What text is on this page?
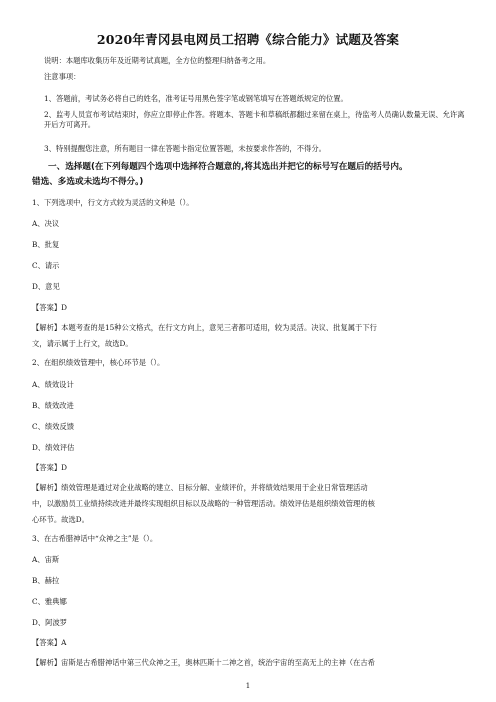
2020年青冈县电网员工招聘《综合能力》试题及答案
说明：本题库收集历年及近期考试真题，全方位的整理归纳备考之用。
注意事项：
1、答题前，考试务必将自己的姓名，准考证号用黑色签字笔或钢笔填写在答题纸规定的位置。
2、监考人员宣布考试结束时，你应立即停止作答。将题本、答题卡和草稿纸都翻过来留在桌上，待监考人员确认数量无误、允许离开后方可离开。
3、特别提醒您注意，所有题目一律在答题卡指定位置答题，未按要求作答的，不得分。
一、选择题(在下列每题四个选项中选择符合题意的,将其选出并把它的标号写在题后的括号内。
错选、多选或未选均不得分。)
1、下列选项中，行文方式较为灵活的文种是（）。
A、决议
B、批复
C、请示
D、意见
【答案】D
【解析】本题考查的是15种公文格式，在行文方向上，意见三者都可适用，较为灵活。决议、批复属于下行
文，请示属于上行文，故选D。
2、在组织绩效管理中，核心环节是（）。
A、绩效设计
B、绩效改进
C、绩效反馈
D、绩效评估
【答案】D
【解析】绩效管理是通过对企业战略的建立、目标分解、业绩评价，并将绩效结果用于企业日常管理活动
中，以激励员工业绩持续改进并最终实现组织目标以及战略的一种管理活动。绩效评估是组织绩效管理的核
心环节。故选D。
3、在古希腊神话中“众神之主”是（）。
A、宙斯
B、赫拉
C、雅典娜
D、阿波罗
【答案】A
【解析】宙斯是古希腊神话中第三代众神之王，奥林匹斯十二神之首，统治宇宙的至高无上的主神（在古希
1
